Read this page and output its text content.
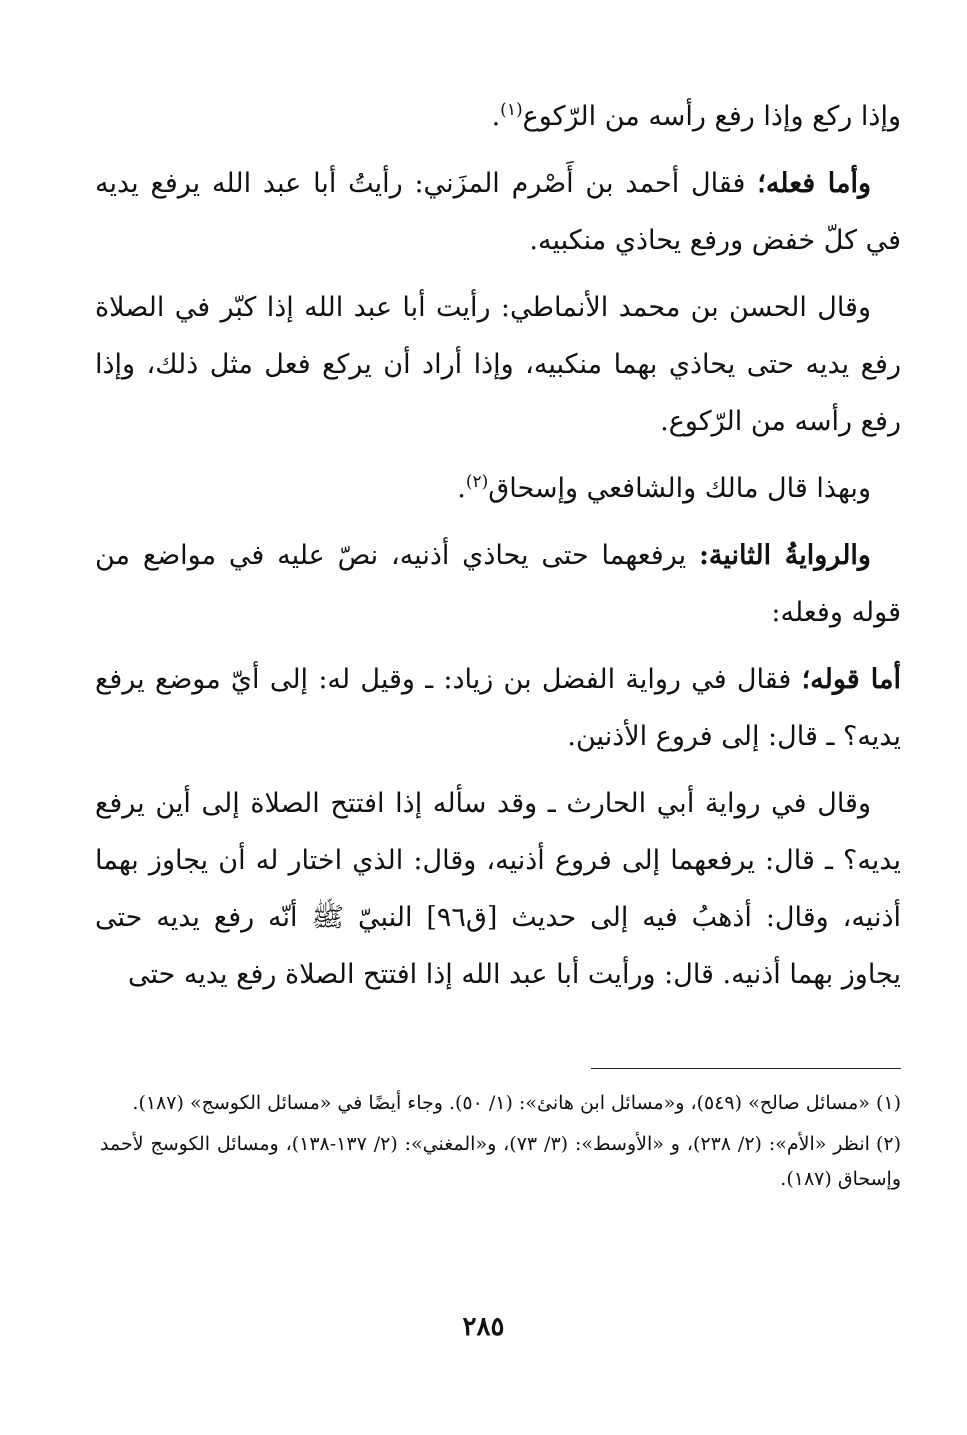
وإذا ركع وإذا رفع رأسه من الرّكوع$^{(١)}$.

وأما فعله؛ فقال أحمد بن أَصْرم المزَني: رأيتُ أبا عبد الله يرفع يديه في كلّ خفض ورفع يحاذي منكبيه.

وقال الحسن بن محمد الأنماطي: رأيت أبا عبد الله إذا كبّر في الصلاة رفع يديه حتى يحاذي بهما منكبيه، وإذا أراد أن يركع فعل مثل ذلك، وإذا رفع رأسه من الرّكوع.

وبهذا قال مالك والشافعي وإسحاق$^{(٢)}$.

والروايةُ الثانية: يرفعهما حتى يحاذي أذنيه، نصّ عليه في مواضع من قوله وفعله:

أما قوله؛ فقال في رواية الفضل بن زياد: ـ وقيل له: إلى أيّ موضع يرفع يديه؟ ـ قال: إلى فروع الأذنين.

وقال في رواية أبي الحارث ـ وقد سأله إذا افتتح الصلاة إلى أين يرفع يديه؟ ـ قال: يرفعهما إلى فروع أذنيه، وقال: الذي اختار له أن يجاوز بهما أذنيه، وقال: أذهبُ فيه إلى حديث [ق٩٦] النبيّ ﷺ أنّه رفع يديه حتى يجاوز بهما أذنيه. قال: ورأيت أبا عبد الله إذا افتتح الصلاة رفع يديه حتى

(١)«مسائل صالح» (٥٤٩)، و«مسائل ابن هانئ»: (١/ ٥٠). وجاء أيضًا في «مسائل الكوسج» (١٨٧).

(٢)انظر «الأم»: (٢/ ٢٣٨)، و «الأوسط»: (٣/ ٧٣)، و«المغني»: (٢/ ١٣٧-١٣٨)، ومسائل الكوسج لأحمد وإسحاق (١٨٧).

٢٨٥
